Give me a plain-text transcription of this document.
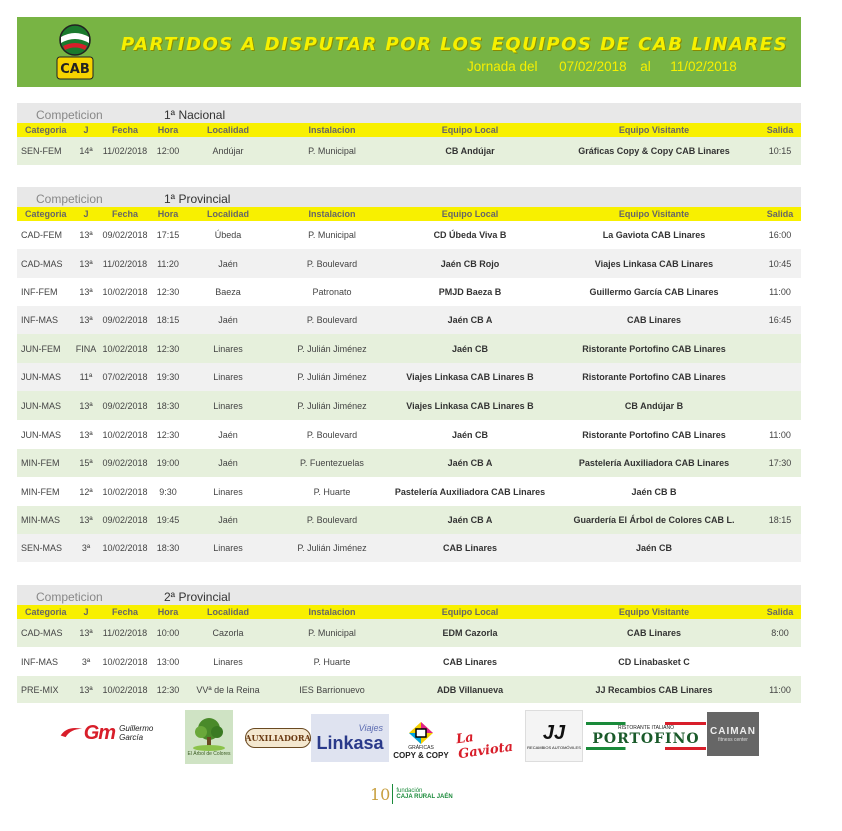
CAB
PARTIDOS A DISPUTAR POR LOS EQUIPOS DE CAB LINARES
Jornada del 07/02/2018 al 11/02/2018
Competicion	1ª Nacional
Categoria	J	Fecha	Hora	Localidad	Instalacion	Equipo Local	Equipo Visitante	Salida
SEN-FEM	14ª	11/02/2018	12:00	Andújar	P. Municipal	CB Andújar	Gráficas Copy & Copy CAB Linares	10:15
Competicion	1ª Provincial
Categoria	J	Fecha	Hora	Localidad	Instalacion	Equipo Local	Equipo Visitante	Salida
CAD-FEM	13ª	09/02/2018	17:15	Úbeda	P. Municipal	CD Úbeda Viva B	La Gaviota CAB Linares	16:00
CAD-MAS	13ª	11/02/2018	11:20	Jaén	P. Boulevard	Jaén CB Rojo	Viajes Linkasa CAB Linares	10:45
INF-FEM	13ª	10/02/2018	12:30	Baeza	Patronato	PMJD Baeza B	Guillermo García CAB Linares	11:00
INF-MAS	13ª	09/02/2018	18:15	Jaén	P. Boulevard	Jaén CB A	CAB Linares	16:45
JUN-FEM	FINA	10/02/2018	12:30	Linares	P. Julián Jiménez	Jaén CB	Ristorante Portofino CAB Linares	
JUN-MAS	11ª	07/02/2018	19:30	Linares	P. Julián Jiménez	Viajes Linkasa CAB Linares B	Ristorante Portofino CAB Linares	
JUN-MAS	13ª	09/02/2018	18:30	Linares	P. Julián Jiménez	Viajes Linkasa CAB Linares B	CB Andújar B	
JUN-MAS	13ª	10/02/2018	12:30	Jaén	P. Boulevard	Jaén CB	Ristorante Portofino CAB Linares	11:00
MIN-FEM	15ª	09/02/2018	19:00	Jaén	P. Fuentezuelas	Jaén CB A	Pastelería Auxiliadora CAB Linares	17:30
MIN-FEM	12ª	10/02/2018	9:30	Linares	P. Huarte	Pastelería Auxiliadora CAB Linares	Jaén CB B	
MIN-MAS	13ª	09/02/2018	19:45	Jaén	P. Boulevard	Jaén CB A	Guardería El Árbol de Colores CAB L.	18:15
SEN-MAS	3ª	10/02/2018	18:30	Linares	P. Julián Jiménez	CAB Linares	Jaén CB	
Competicion	2ª Provincial
Categoria	J	Fecha	Hora	Localidad	Instalacion	Equipo Local	Equipo Visitante	Salida
CAD-MAS	13ª	11/02/2018	10:00	Cazorla	P. Municipal	EDM Cazorla	CAB Linares	8:00
INF-MAS	3ª	10/02/2018	13:00	Linares	P. Huarte	CAB Linares	CD Linabasket C	
PRE-MIX	13ª	10/02/2018	12:30	VVª de la Reina	IES Barrionuevo	ADB Villanueva	JJ Recambios CAB Linares	11:00
Gm Guillermo García
El Árbol de Colores
AUXILIADORA
Viajes
Linkasa	GRÁFICAS
COPY & COPY
La Gaviota
JJ
RECAMBIOS AUTOMÓVILES
RISTORANTE ITALIANO
PORTOFINO CAIMAN
fitness center
10 fundación
CAJA RURAL JAÉN
